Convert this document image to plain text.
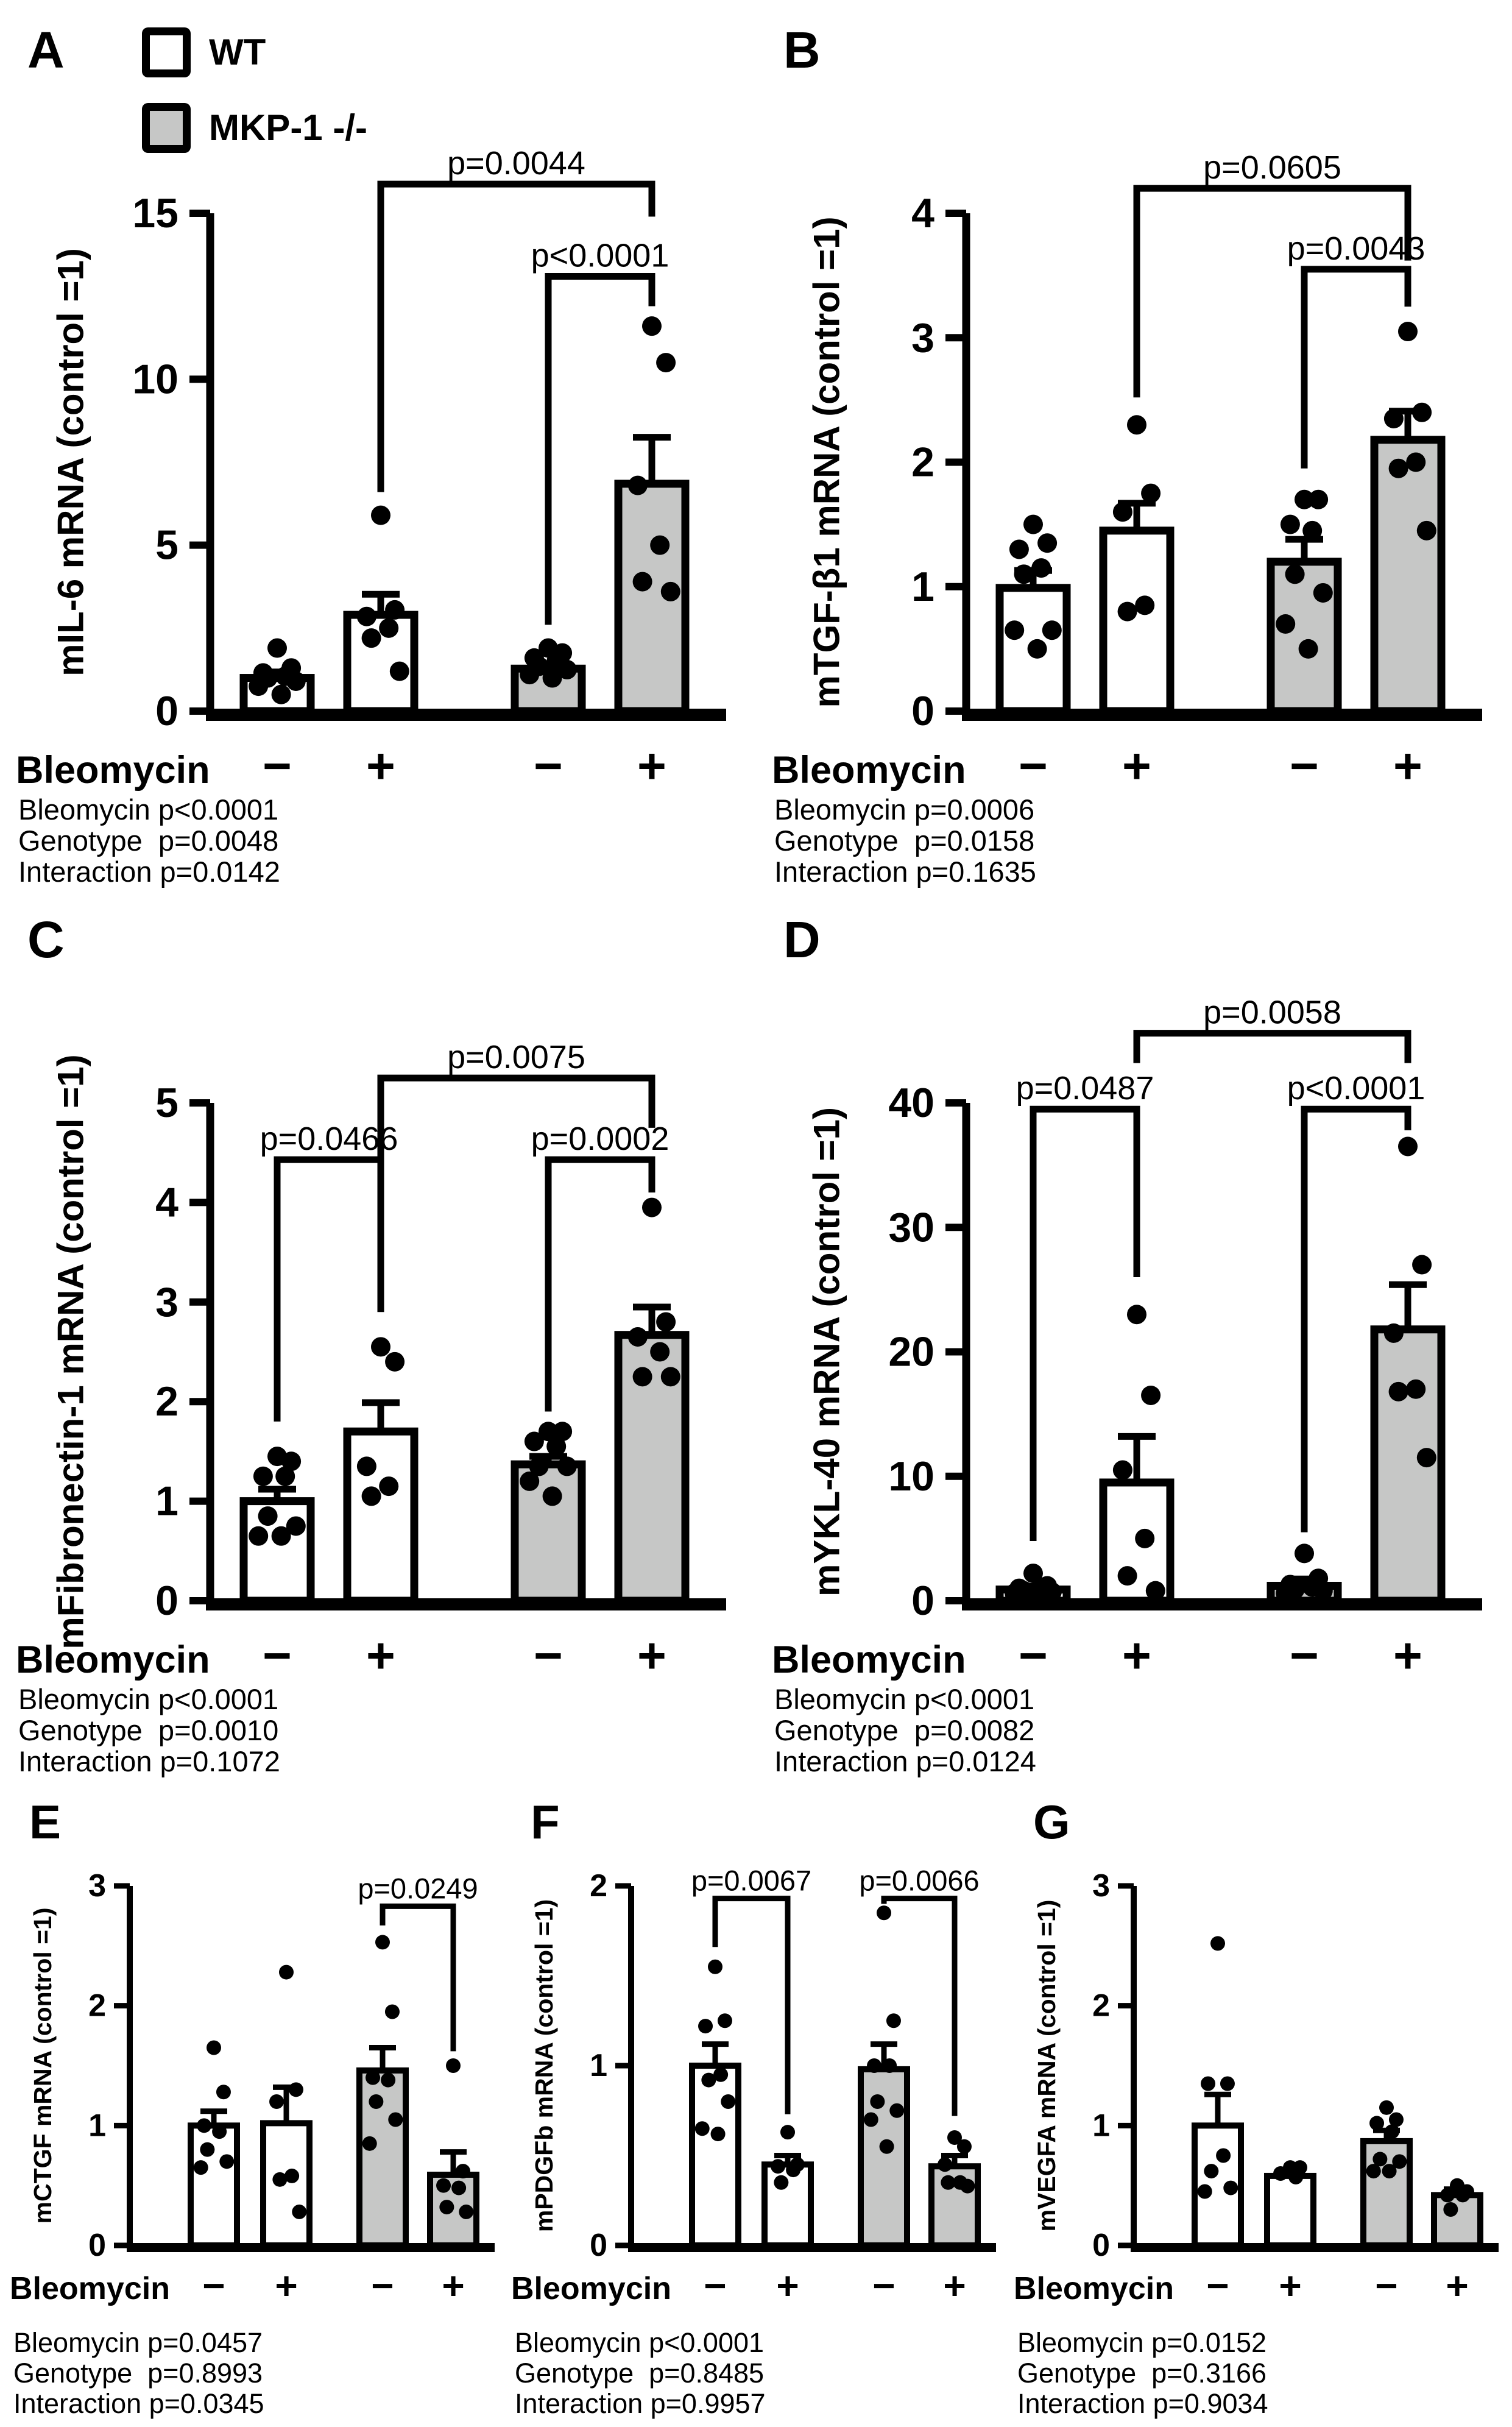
WT
MKP-1 -/-
0
5
10
15
mIL-6 mRNA (control =1)
p=0.0044
p<0.0001
Bleomycin − +	− +
A
Bleomycin p<0.0001
Genotype  p=0.0048
Interaction p=0.0142
0
1
2
3
4
mTGF-β1 mRNA (control =1)
p=0.0605
p=0.0043
Bleomycin − +	− +
B
Bleomycin p=0.0006
Genotype  p=0.0158
Interaction p=0.1635
0
1
2
3
4
5
mFibronectin-1 mRNA (control =1)	p=0.0075
p=0.0466	p=0.0002
Bleomycin − +	− +
C
Bleomycin p<0.0001
Genotype  p=0.0010
Interaction p=0.1072
0
10
20
30
40
mYKL-40 mRNA (control =1)
p=0.0058
p=0.0487	p<0.0001
Bleomycin − +	− +
D
Bleomycin p<0.0001
Genotype  p=0.0082
Interaction p=0.0124
0
1
2
3
mCTGF mRNA (control =1)
p=0.0249
Bleomycin − + − +
E
Bleomycin p=0.0457
Genotype  p=0.8993
Interaction p=0.0345
0
1
2
mPDGFb mRNA (control =1)
p=0.0067 p=0.0066
Bleomycin − + − +
F
Bleomycin p<0.0001
Genotype  p=0.8485
Interaction p=0.9957
0
1
2
3
mVEGFA mRNA (control =1)
Bleomycin − + − +
G
Bleomycin p=0.0152
Genotype  p=0.3166
Interaction p=0.9034
